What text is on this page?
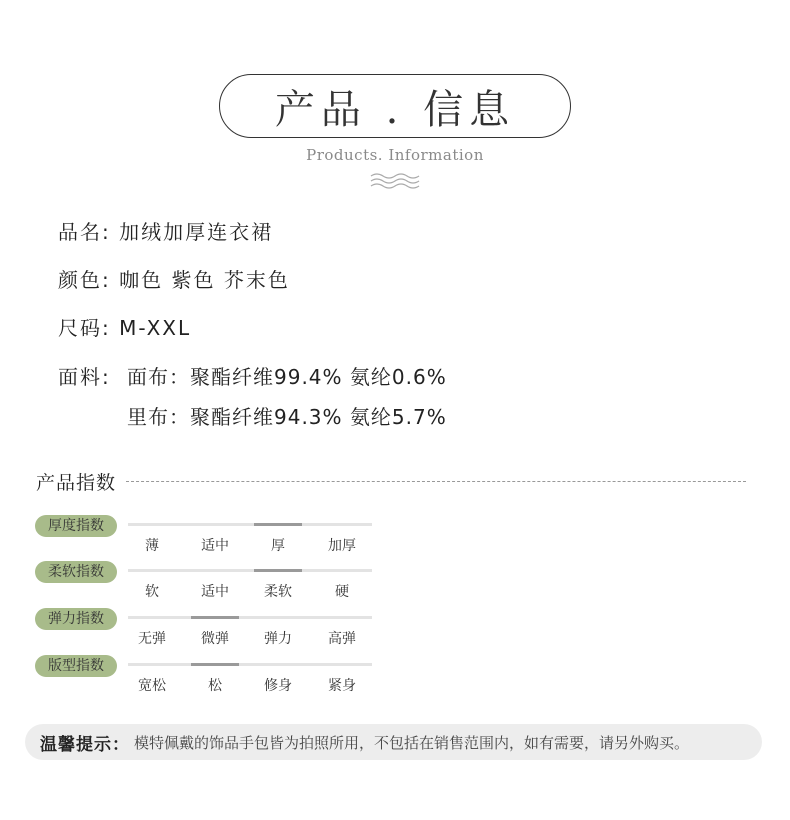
产品 . 信息
Products. Information
品名: 加绒加厚连衣裙
颜色: 咖色 紫色 芥末色
尺码: M-XXL
面料: 面布：聚酯纤维99.4% 氨纶0.6%
里布：聚酯纤维94.3% 氨纶5.7%
产品指数
厚度指数
薄	适中	厚	加厚
柔软指数
软	适中	柔软	硬
弹力指数
无弹	微弹	弹力	高弹
版型指数
宽松	松	修身	紧身
温馨提示： 模特佩戴的饰品手包皆为拍照所用，不包括在销售范围内，如有需要，请另外购买。
